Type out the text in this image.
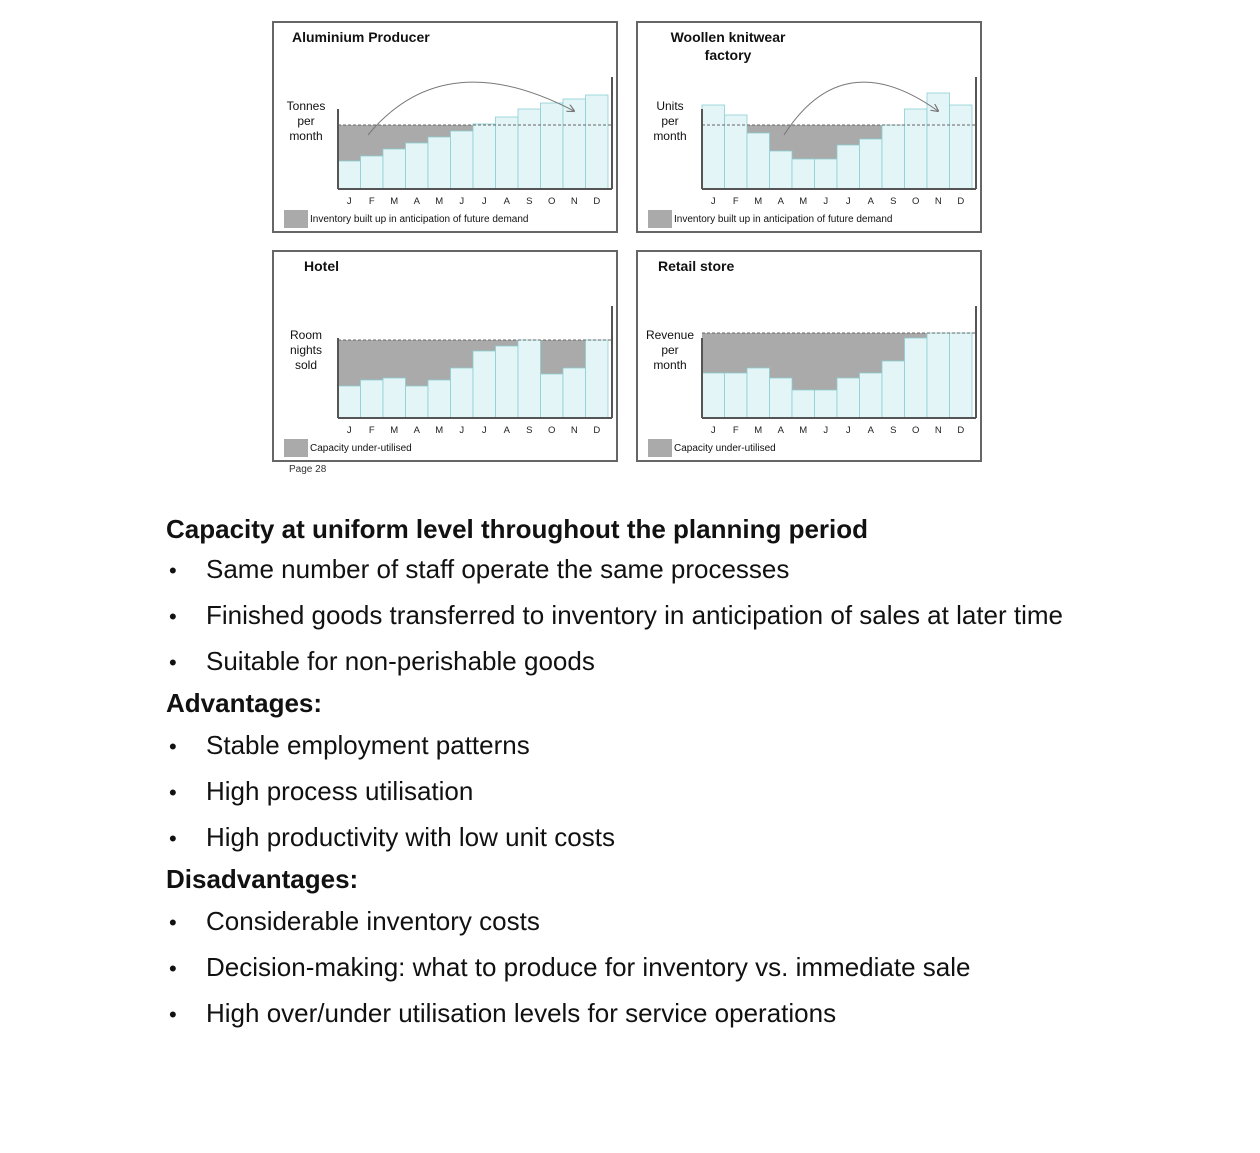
Aluminium Producer
Tonnes
per
month
J F M A M J J A S O N D
Inventory built up in anticipation of future demand
Woollen knitwear factory
Units
per
month
J F M A M J J A S O N D
Inventory built up in anticipation of future demand
Hotel
Room
nights
sold
J F M A M J J A S O N D
Capacity under-utilised
Retail store
Revenue
per
month
J F M A M J J A S O N D
Capacity under-utilised
Page 28
Capacity at uniform level throughout the planning period
• Same number of staff operate the same processes
• Finished goods transferred to inventory in anticipation of sales at later time
• Suitable for non-perishable goods
Advantages:
• Stable employment patterns
• High process utilisation
• High productivity with low unit costs
Disadvantages:
• Considerable inventory costs
• Decision-making: what to produce for inventory vs. immediate sale
• High over/under utilisation levels for service operations
